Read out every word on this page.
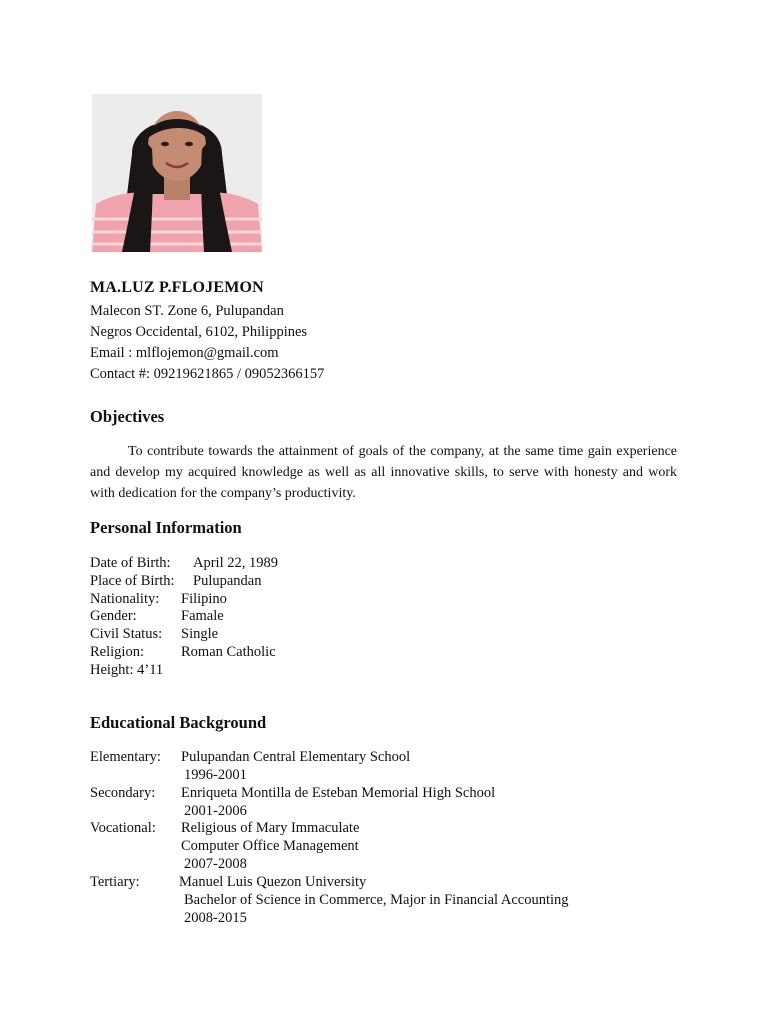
MA.LUZ P.FLOJEMON
Malecon ST. Zone 6, Pulupandan
Negros Occidental, 6102, Philippines
Email : mlflojemon@gmail.com
Contact #: 09219621865 / 09052366157
Objectives
To contribute towards the attainment of goals of the company, at the same time gain experience and develop my acquired knowledge as well as all innovative skills, to serve with honesty and work with dedication for the company’s productivity.
Personal Information
Date of Birth: April 22, 1989
Place of Birth: Pulupandan
Nationality: Filipino
Gender:	Famale
Civil Status: Single
Religion:	Roman Catholic
Height: 4’11
Educational Background
Elementary: Pulupandan Central Elementary School
1996-2001
Secondary: Enriqueta Montilla de Esteban Memorial High School
2001-2006
Vocational: Religious of Mary Immaculate
Computer Office Management
2007-2008
Tertiary:	Manuel Luis Quezon University
Bachelor of Science in Commerce, Major in Financial Accounting
2008-2015
